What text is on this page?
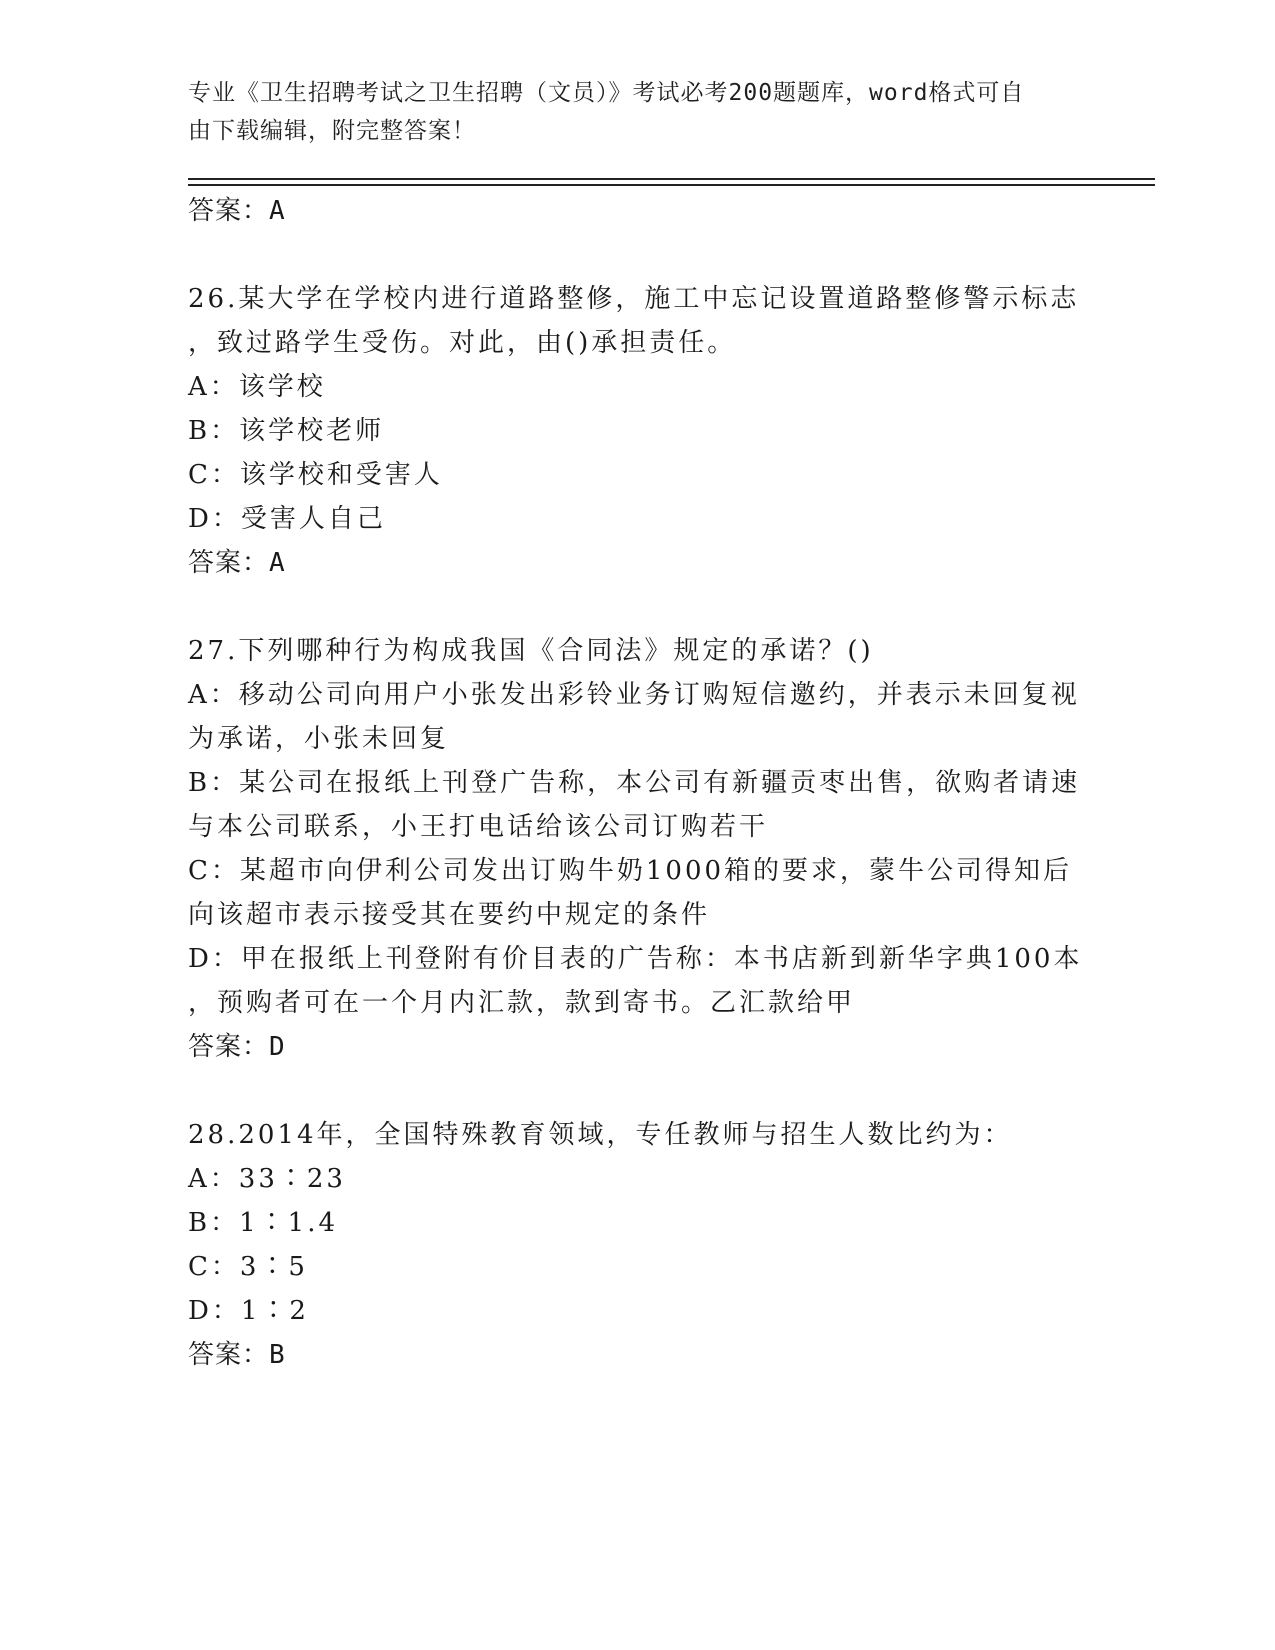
专业《卫生招聘考试之卫生招聘（文员）》考试必考200题题库，word格式可自
由下载编辑，附完整答案！
答案：A
26.某大学在学校内进行道路整修，施工中忘记设置道路整修警示标志
，致过路学生受伤。对此，由()承担责任。
A：该学校
B：该学校老师
C：该学校和受害人
D：受害人自己
答案：A
27.下列哪种行为构成我国《合同法》规定的承诺？()
A：移动公司向用户小张发出彩铃业务订购短信邀约，并表示未回复视
为承诺，小张未回复
B：某公司在报纸上刊登广告称，本公司有新疆贡枣出售，欲购者请速
与本公司联系，小王打电话给该公司订购若干
C：某超市向伊利公司发出订购牛奶1000箱的要求，蒙牛公司得知后
向该超市表示接受其在要约中规定的条件
D：甲在报纸上刊登附有价目表的广告称：本书店新到新华字典100本
，预购者可在一个月内汇款，款到寄书。乙汇款给甲
答案：D
28.2014年，全国特殊教育领域，专任教师与招生人数比约为：
A：33∶23
B：1∶1.4
C：3∶5
D：1∶2
答案：B
